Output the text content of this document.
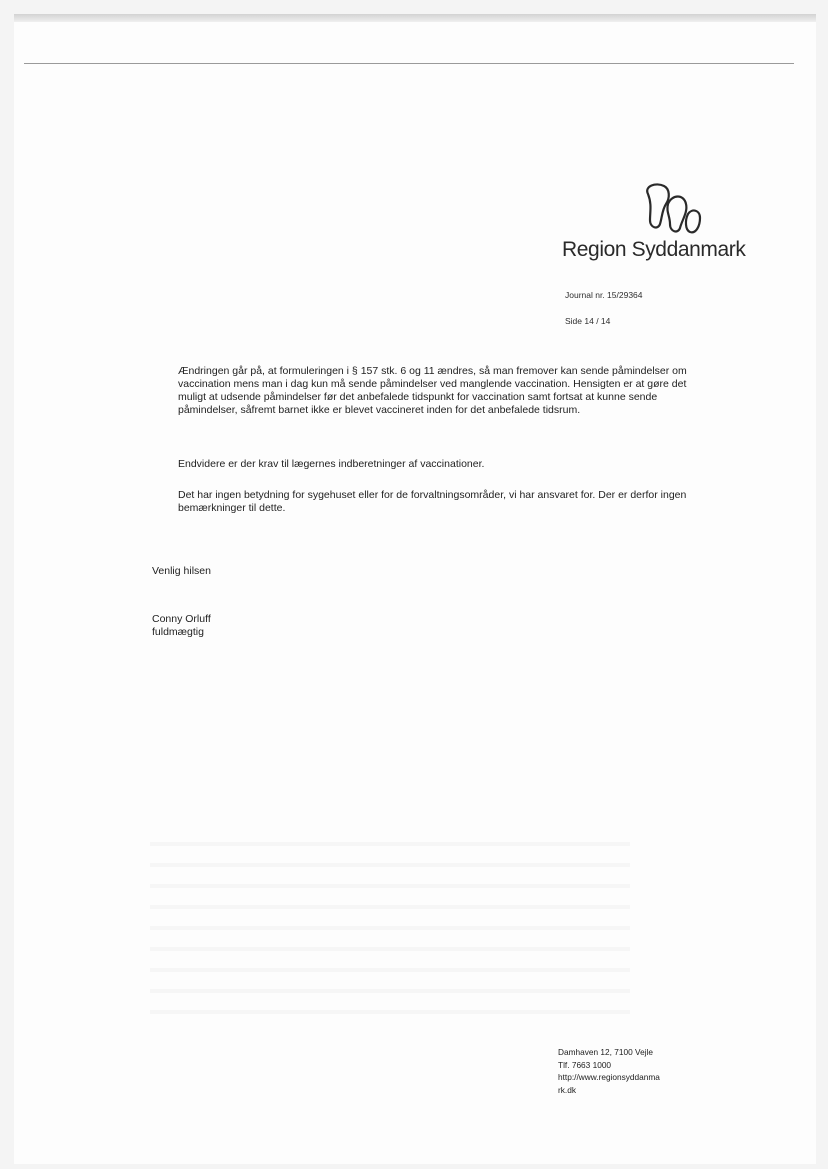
Region Syddanmark
Journal nr. 15/29364
Side 14 / 14
Ændringen går på, at formuleringen i § 157 stk. 6 og 11 ændres, så man fremover kan sende påmindelser om vaccination mens man i dag kun må sende påmindelser ved manglende vaccination. Hensigten er at gøre det muligt at udsende påmindelser før det anbefalede tidspunkt for vaccination samt fortsat at kunne sende påmindelser, såfremt barnet ikke er blevet vaccineret inden for det anbefalede tidsrum.
Endvidere er der krav til lægernes indberetninger af vaccinationer.
Det har ingen betydning for sygehuset eller for de forvaltningsområder, vi har ansvaret for. Der er derfor ingen bemærkninger til dette.
Venlig hilsen
Conny Orluff
fuldmægtig
Damhaven 12, 7100 Vejle
Tlf. 7663 1000
http://www.regionsyddanma
rk.dk
